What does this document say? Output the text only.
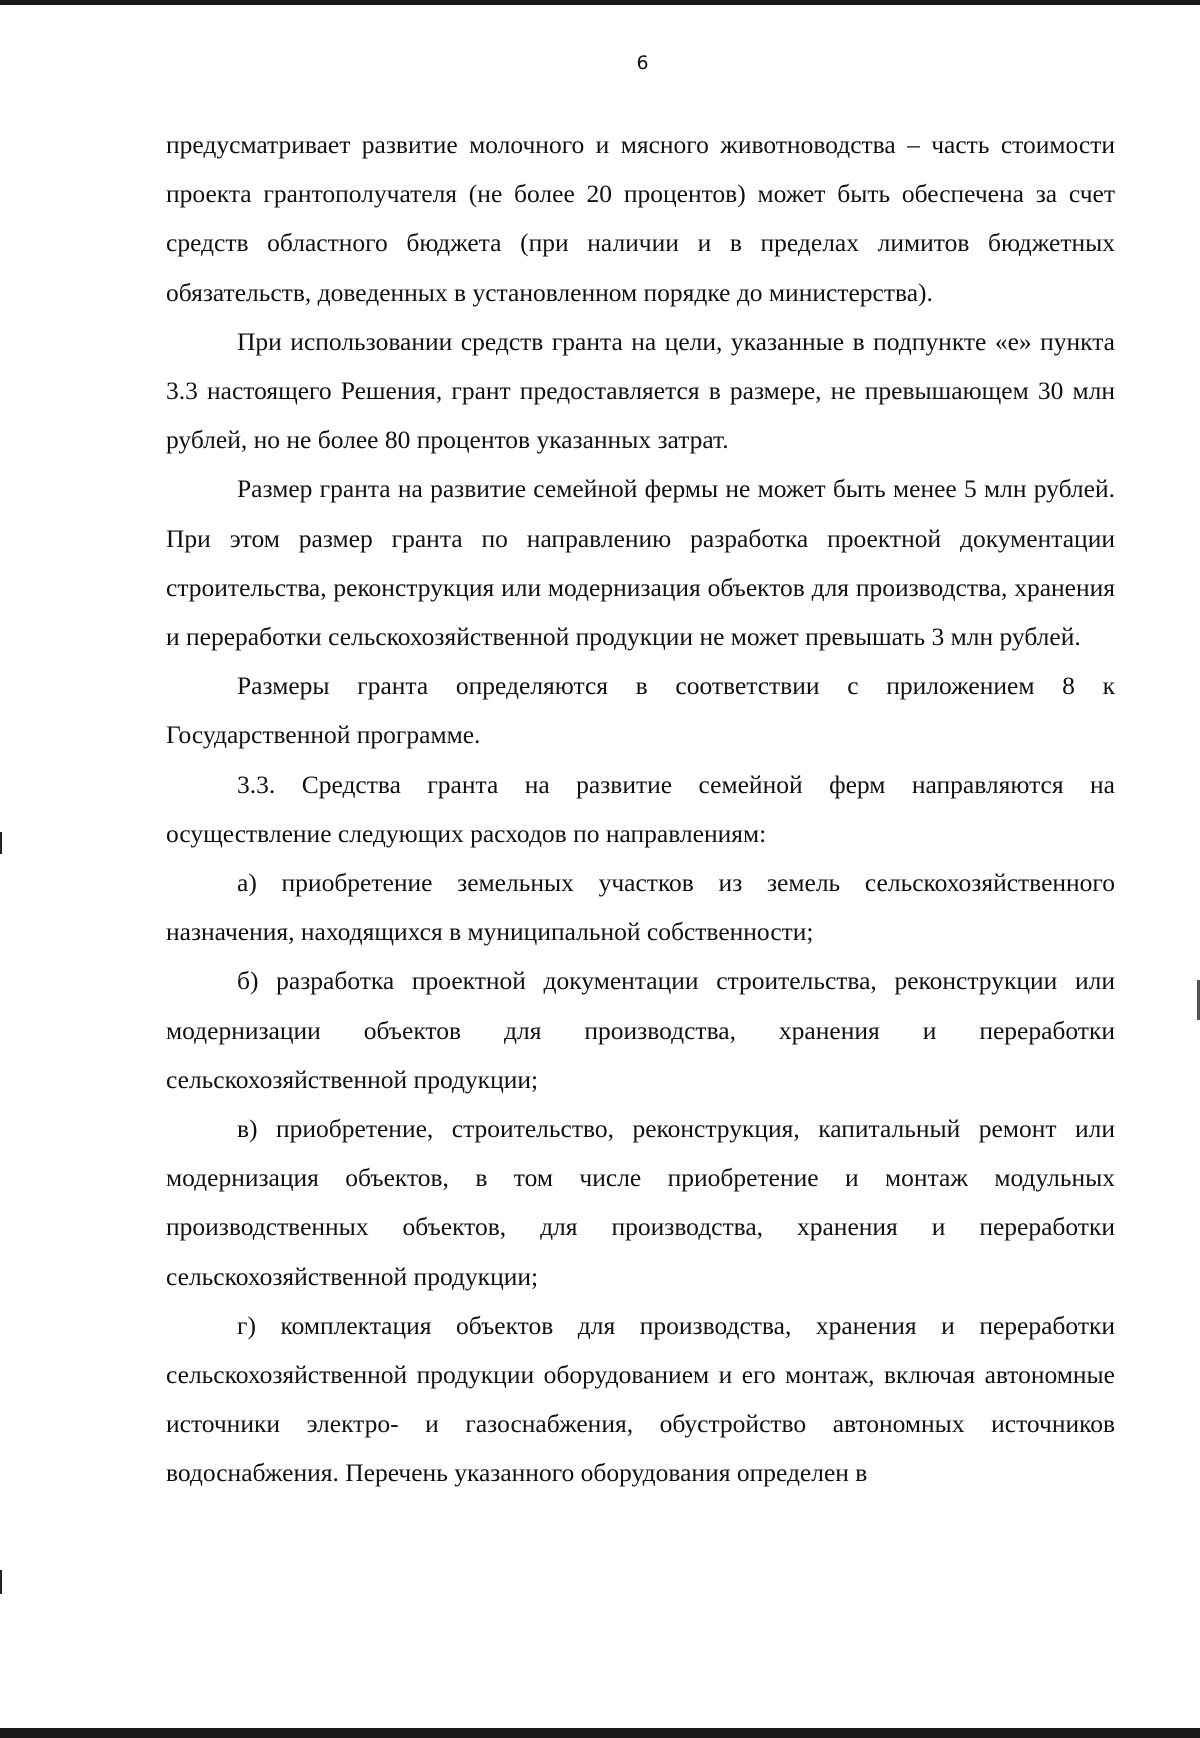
6

предусматривает развитие молочного и мясного животноводства – часть стоимости проекта грантополучателя (не более 20 процентов) может быть обеспечена за счет средств областного бюджета (при наличии и в пределах лимитов бюджетных обязательств, доведенных в установленном порядке до министерства).

При использовании средств гранта на цели, указанные в подпункте «е» пункта 3.3 настоящего Решения, грант предоставляется в размере, не превышающем 30 млн рублей, но не более 80 процентов указанных затрат.

Размер гранта на развитие семейной фермы не может быть менее 5 млн рублей. При этом размер гранта по направлению разработка проектной документации строительства, реконструкция или модернизация объектов для производства, хранения и переработки сельскохозяйственной продукции не может превышать 3 млн рублей.

Размеры гранта определяются в соответствии с приложением 8 к Государственной программе.

3.3. Средства гранта на развитие семейной ферм направляются на осуществление следующих расходов по направлениям:

а) приобретение земельных участков из земель сельскохозяйственного назначения, находящихся в муниципальной собственности;

б) разработка проектной документации строительства, реконструкции или модернизации объектов для производства, хранения и переработки сельскохозяйственной продукции;

в) приобретение, строительство, реконструкция, капитальный ремонт или модернизация объектов, в том числе приобретение и монтаж модульных производственных объектов, для производства, хранения и переработки сельскохозяйственной продукции;

г) комплектация объектов для производства, хранения и переработки сельскохозяйственной продукции оборудованием и его монтаж, включая автономные источники электро- и газоснабжения, обустройство автономных источников водоснабжения. Перечень указанного оборудования определен в
